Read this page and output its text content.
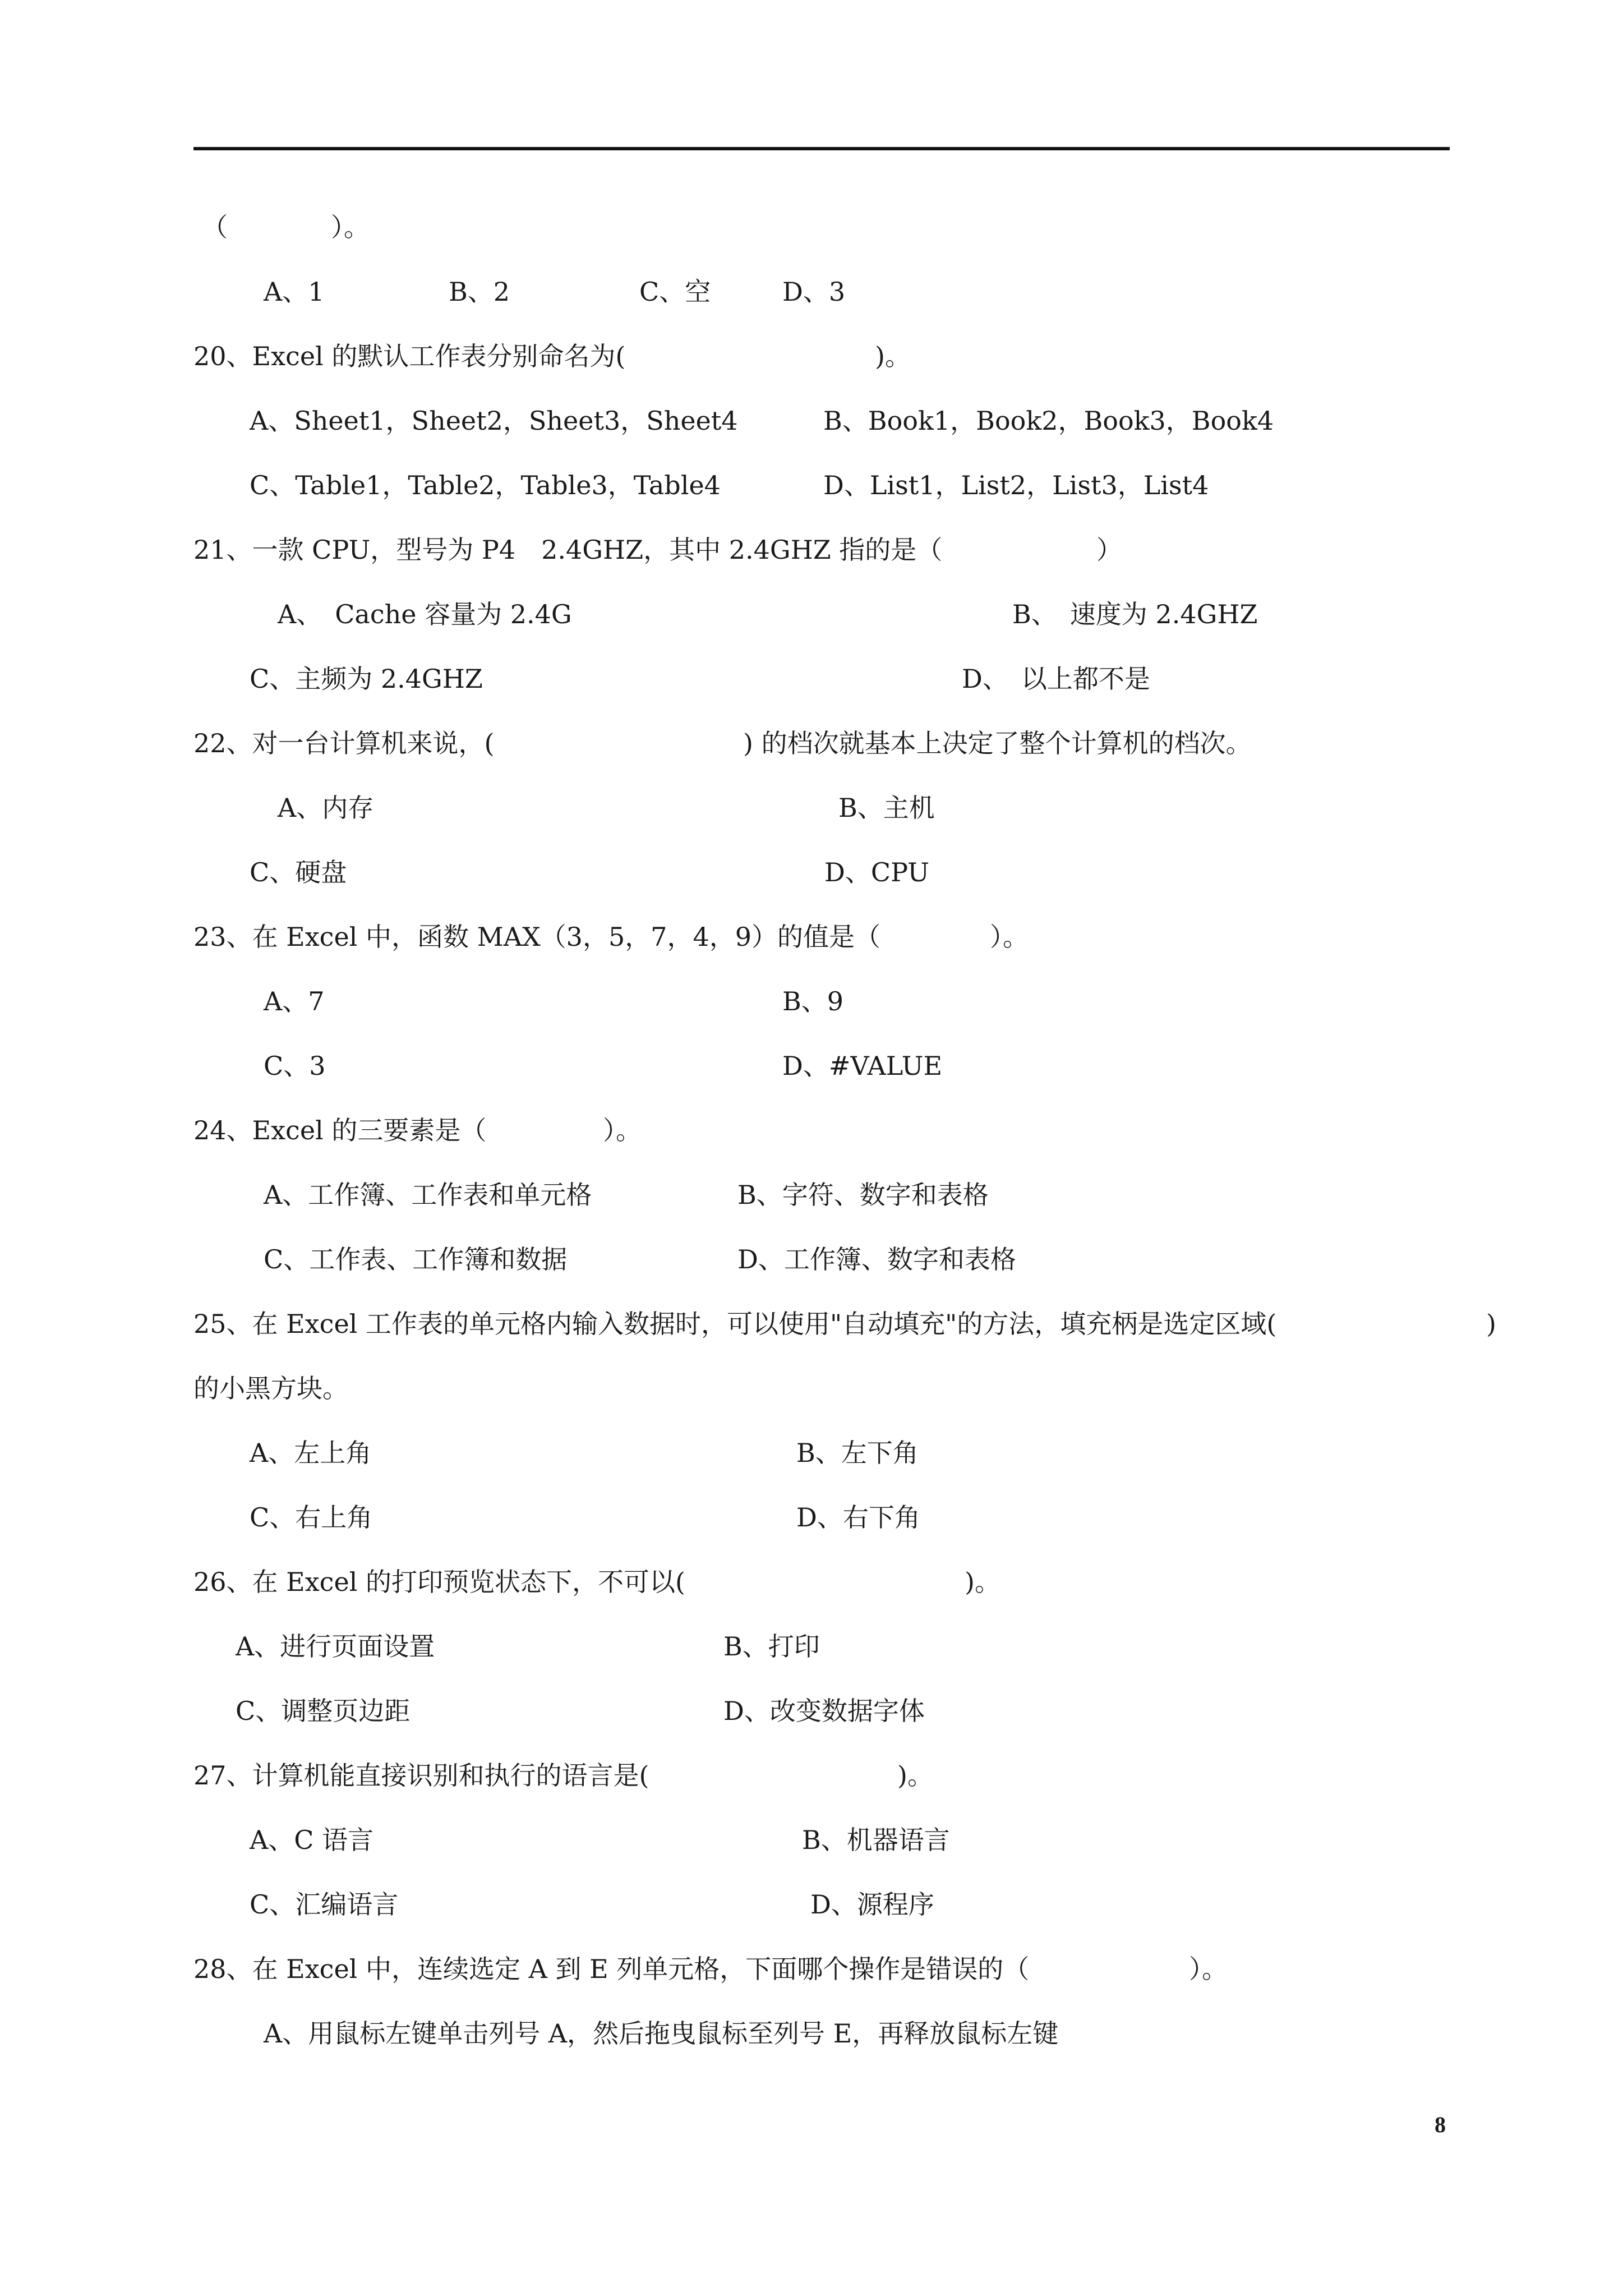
（　　　　）。
A、1	B、2	C、空	D、3
20、Excel 的默认工作表分别命名为(	)。
A、Sheet1，Sheet2，Sheet3，Sheet4	B、Book1，Book2，Book3，Book4
C、Table1，Table2，Table3，Table4	D、List1，List2，List3，List4
21、一款 CPU，型号为 P4　2.4GHZ，其中 2.4GHZ 指的是（	）
A、　Cache 容量为 2.4G	B、　速度为 2.4GHZ
C、主频为 2.4GHZ	D、　以上都不是
22、对一台计算机来说，(	) 的档次就基本上决定了整个计算机的档次。
A、内存	B、主机
C、硬盘	D、CPU
23、在 Excel 中，函数 MAX（3，5，7，4，9）的值是（	）。
A、7	B、9
C、3	D、#VALUE
24、Excel 的三要素是（	）。
A、工作簿、工作表和单元格	B、字符、数字和表格
C、工作表、工作簿和数据	D、工作簿、数字和表格
25、在 Excel 工作表的单元格内输入数据时，可以使用"自动填充"的方法，填充柄是选定区域(	)
的小黑方块。
A、左上角	B、左下角
C、右上角	D、右下角
26、在 Excel 的打印预览状态下，不可以(	)。
A、进行页面设置	B、打印
C、调整页边距	D、改变数据字体
27、计算机能直接识别和执行的语言是(	)。
A、C 语言	B、机器语言
C、汇编语言	D、源程序
28、在 Excel 中，连续选定 A 到 E 列单元格，下面哪个操作是错误的（	）。
A、用鼠标左键单击列号 A，然后拖曳鼠标至列号 E，再释放鼠标左键
8
